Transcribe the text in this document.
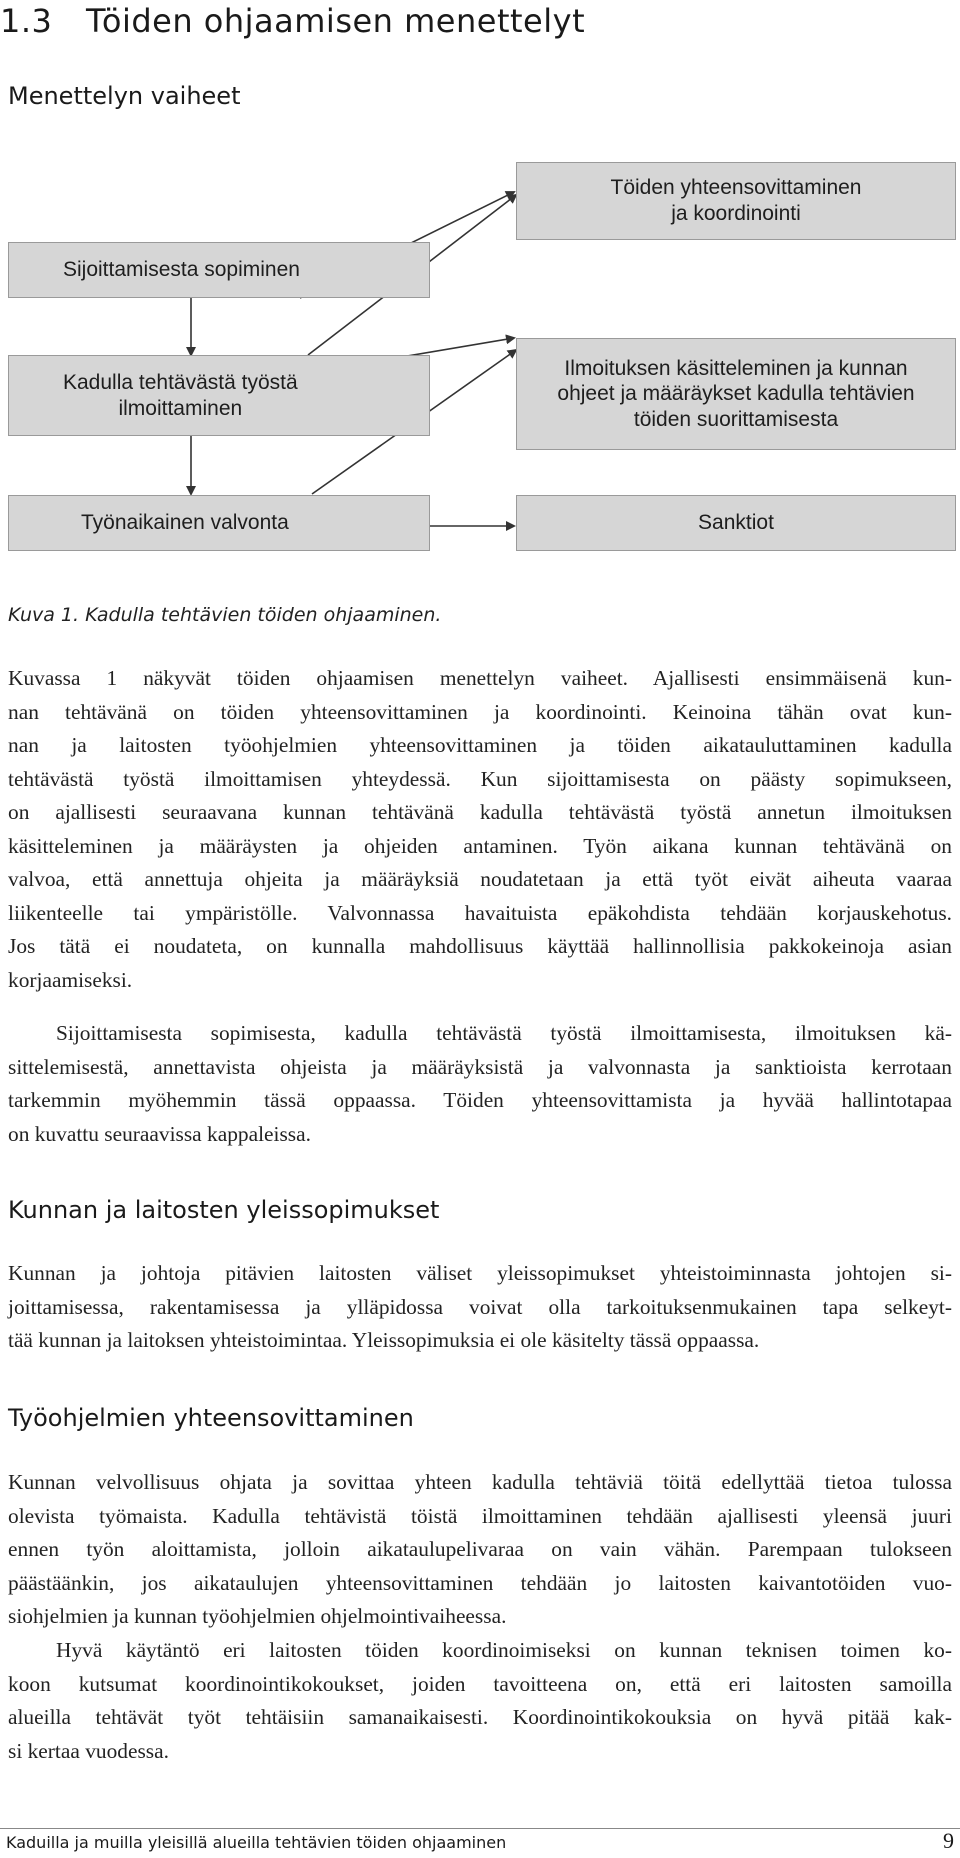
1.3 Töiden ohjaamisen menettelyt
Menettelyn vaiheet
Töiden yhteensovittaminen
ja koordinointi
Sijoittamisesta sopiminen
Kadulla tehtävästä työstä
ilmoittaminen
Ilmoituksen käsitteleminen ja kunnan
ohjeet ja määräykset kadulla tehtävien
töiden suorittamisesta
Työnaikainen valvonta	Sanktiot

Kuva 1. Kadulla tehtävien töiden ohjaaminen.

Kuvassa 1 näkyvät töiden ohjaamisen menettelyn vaiheet. Ajallisesti ensimmäisenä kun-
nan tehtävänä on töiden yhteensovittaminen ja koordinointi. Keinoina tähän ovat kun-
nan ja laitosten työohjelmien yhteensovittaminen ja töiden aikatauluttaminen kadulla
tehtävästä työstä ilmoittamisen yhteydessä. Kun sijoittamisesta on päästy sopimukseen,
on ajallisesti seuraavana kunnan tehtävänä kadulla tehtävästä työstä annetun ilmoituksen
käsitteleminen ja määräysten ja ohjeiden antaminen. Työn aikana kunnan tehtävänä on
valvoa, että annettuja ohjeita ja määräyksiä noudatetaan ja että työt eivät aiheuta vaaraa
liikenteelle tai ympäristölle. Valvonnassa havaituista epäkohdista tehdään korjauskehotus.
Jos tätä ei noudateta, on kunnalla mahdollisuus käyttää hallinnollisia pakkokeinoja asian
korjaamiseksi.
Sijoittamisesta sopimisesta, kadulla tehtävästä työstä ilmoittamisesta, ilmoituksen kä-
sittelemisestä, annettavista ohjeista ja määräyksistä ja valvonnasta ja sanktioista kerrotaan
tarkemmin myöhemmin tässä oppaassa. Töiden yhteensovittamista ja hyvää hallintotapaa
on kuvattu seuraavissa kappaleissa.
Kunnan ja laitosten yleissopimukset
Kunnan ja johtoja pitävien laitosten väliset yleissopimukset yhteistoiminnasta johtojen si-
joittamisessa, rakentamisessa ja ylläpidossa voivat olla tarkoituksenmukainen tapa selkeyt-
tää kunnan ja laitoksen yhteistoimintaa. Yleissopimuksia ei ole käsitelty tässä oppaassa.
Työohjelmien yhteensovittaminen
Kunnan velvollisuus ohjata ja sovittaa yhteen kadulla tehtäviä töitä edellyttää tietoa tulossa
olevista työmaista. Kadulla tehtävistä töistä ilmoittaminen tehdään ajallisesti yleensä juuri
ennen työn aloittamista, jolloin aikataulupelivaraa on vain vähän. Parempaan tulokseen
päästäänkin, jos aikataulujen yhteensovittaminen tehdään jo laitosten kaivantotöiden vuo-
siohjelmien ja kunnan työohjelmien ohjelmointivaiheessa.
Hyvä käytäntö eri laitosten töiden koordinoimiseksi on kunnan teknisen toimen ko-
koon kutsumat koordinointikokoukset, joiden tavoitteena on, että eri laitosten samoilla
alueilla tehtävät työt tehtäisiin samanaikaisesti. Koordinointikokouksia on hyvä pitää kak-
si kertaa vuodessa.
Kaduilla ja muilla yleisillä alueilla tehtävien töiden ohjaaminen	9
